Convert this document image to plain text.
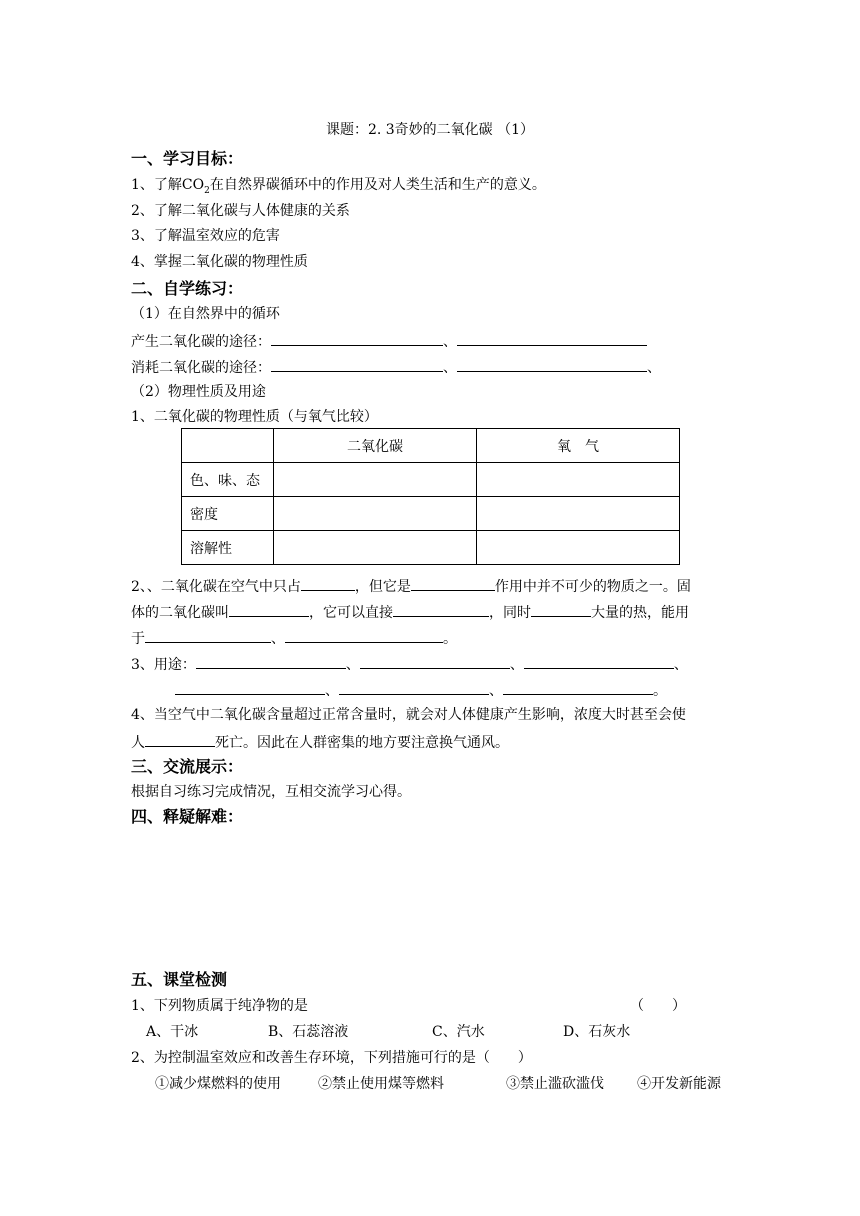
课题：2. 3奇妙的二氧化碳 （1）
一、学习目标：
1、了解$CO_2$在自然界碳循环中的作用及对人类生活和生产的意义。
2、了解二氧化碳与人体健康的关系
3、了解温室效应的危害
4、掌握二氧化碳的物理性质
二、自学练习：
（1）在自然界中的循环
产生二氧化碳的途径：	、
消耗二氧化碳的途径：	、	、
（2）物理性质及用途
1、二氧化碳的物理性质（与氧气比较）
	二氧化碳	氧　气
色、味、态		
密度		
溶解性		
2、、二氧化碳在空气中只占	，但它是	作用中并不可少的物质之一。固
体的二氧化碳叫	，它可以直接	，同时	大量的热，能用
于	、	。
3、用途：	、	、	、
、	、	。
4、当空气中二氧化碳含量超过正常含量时，就会对人体健康产生影响，浓度大时甚至会使
人	死亡。因此在人群密集的地方要注意换气通风。
三、交流展示：
根据自习练习完成情况，互相交流学习心得。
四、释疑解难：
五、课堂检测
1、下列物质属于纯净物的是	（　　）
A、干冰	B、石蕊溶液	C、汽水	D、石灰水
2、为控制温室效应和改善生存环境，下列措施可行的是（　　）
①减少煤燃料的使用	②禁止使用煤等燃料	③禁止滥砍滥伐 ④开发新能源
